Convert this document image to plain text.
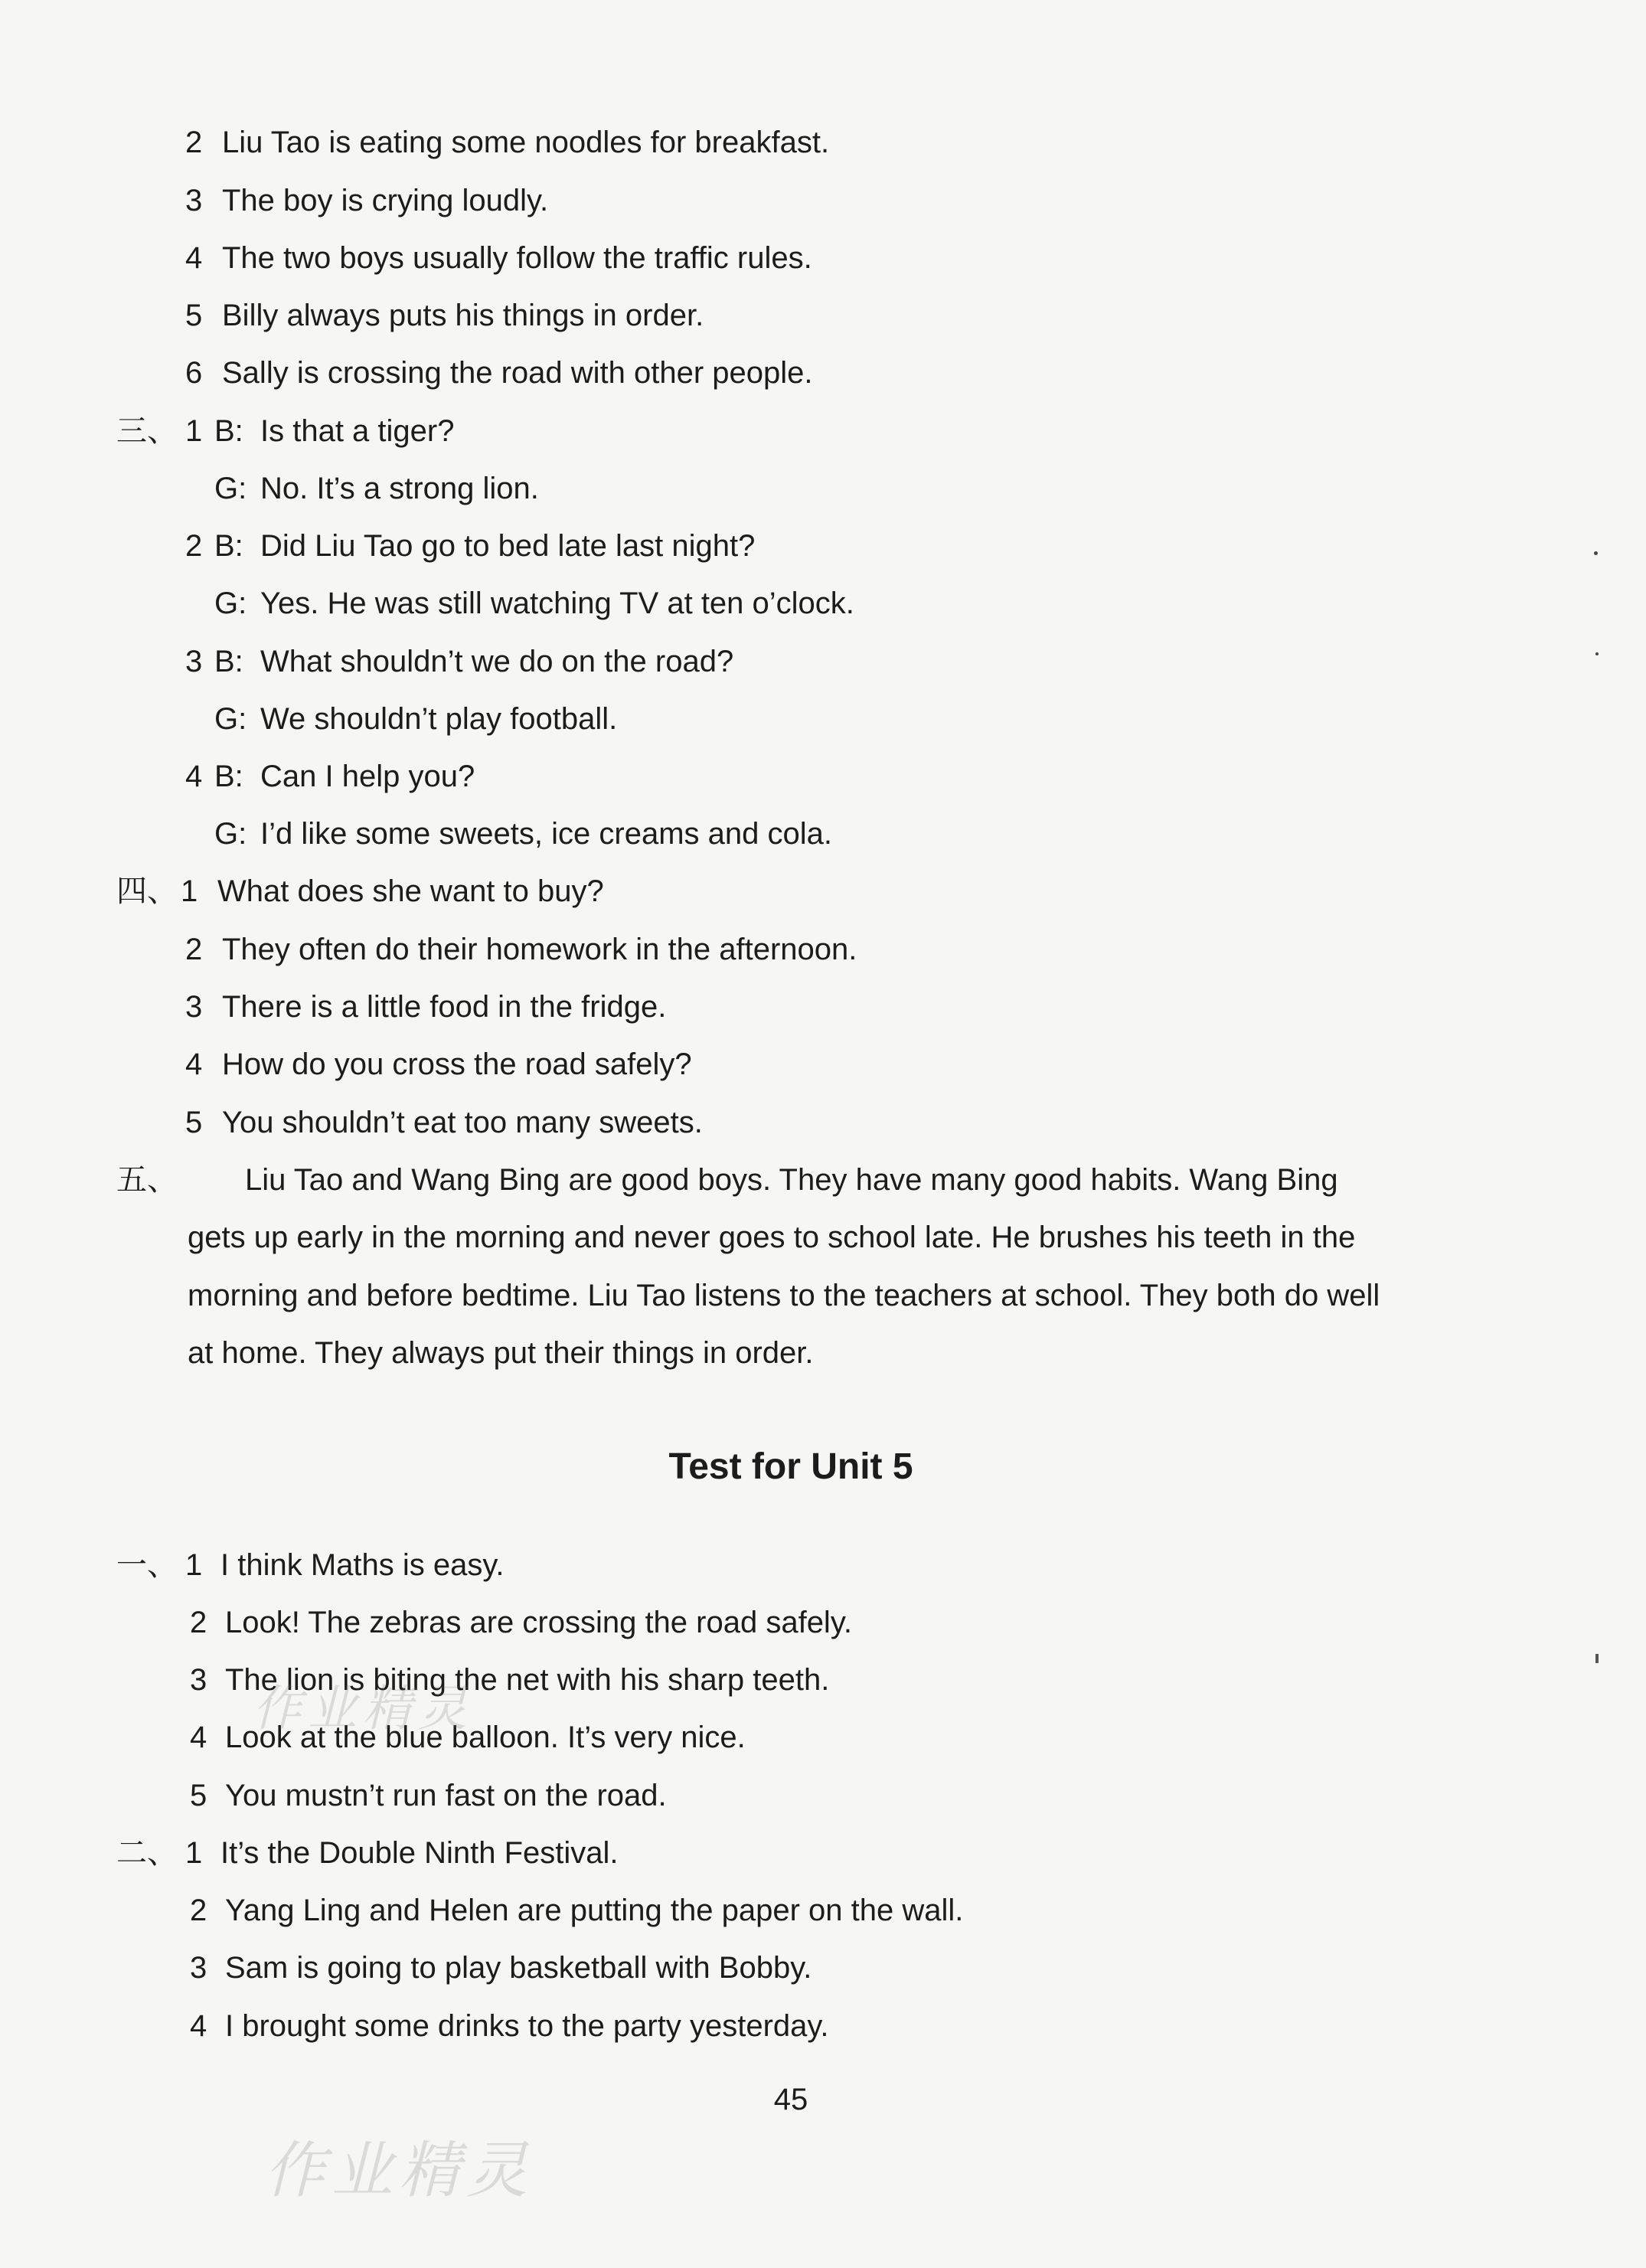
2 Liu Tao is eating some noodles for breakfast.
3 The boy is crying loudly.
4 The two boys usually follow the traffic rules.
5 Billy always puts his things in order.
6 Sally is crossing the road with other people.
三、 1 B: Is that a tiger?
G: No. It’s a strong lion.
2 B: Did Liu Tao go to bed late last night?
G: Yes. He was still watching TV at ten o’clock.
3 B: What shouldn’t we do on the road?
G: We shouldn’t play football.
4 B: Can I help you?
G: I’d like some sweets, ice creams and cola.
四、 1 What does she want to buy?
2 They often do their homework in the afternoon.
3 There is a little food in the fridge.
4 How do you cross the road safely?
5 You shouldn’t eat too many sweets.
五、 Liu Tao and Wang Bing are good boys. They have many good habits. Wang Bing
gets up early in the morning and never goes to school late. He brushes his teeth in the
morning and before bedtime. Liu Tao listens to the teachers at school. They both do well
at home. They always put their things in order.
Test for Unit 5
一、 1 I think Maths is easy.
2 Look! The zebras are crossing the road safely.
3 The lion is biting the net with his sharp teeth.
4 Look at the blue balloon. It’s very nice.
5 You mustn’t run fast on the road.
二、 1 It’s the Double Ninth Festival.
2 Yang Ling and Helen are putting the paper on the wall.
3 Sam is going to play basketball with Bobby.
4 I brought some drinks to the party yesterday.
45
作业精灵
作业精灵
